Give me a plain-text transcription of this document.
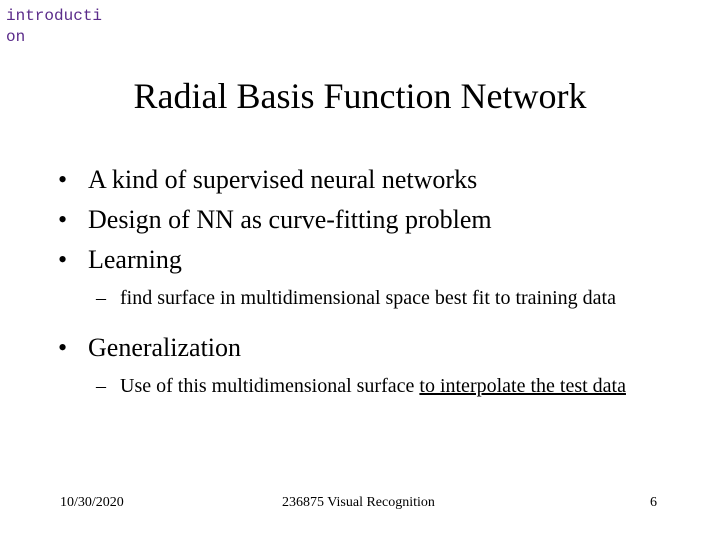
introduction
Radial Basis Function Network
• A kind of supervised neural networks
• Design of NN as curve-fitting problem
• Learning
– find surface in multidimensional space best fit to training data
• Generalization
– Use of this multidimensional surface to interpolate the test data
10/30/2020	236875 Visual Recognition	6
